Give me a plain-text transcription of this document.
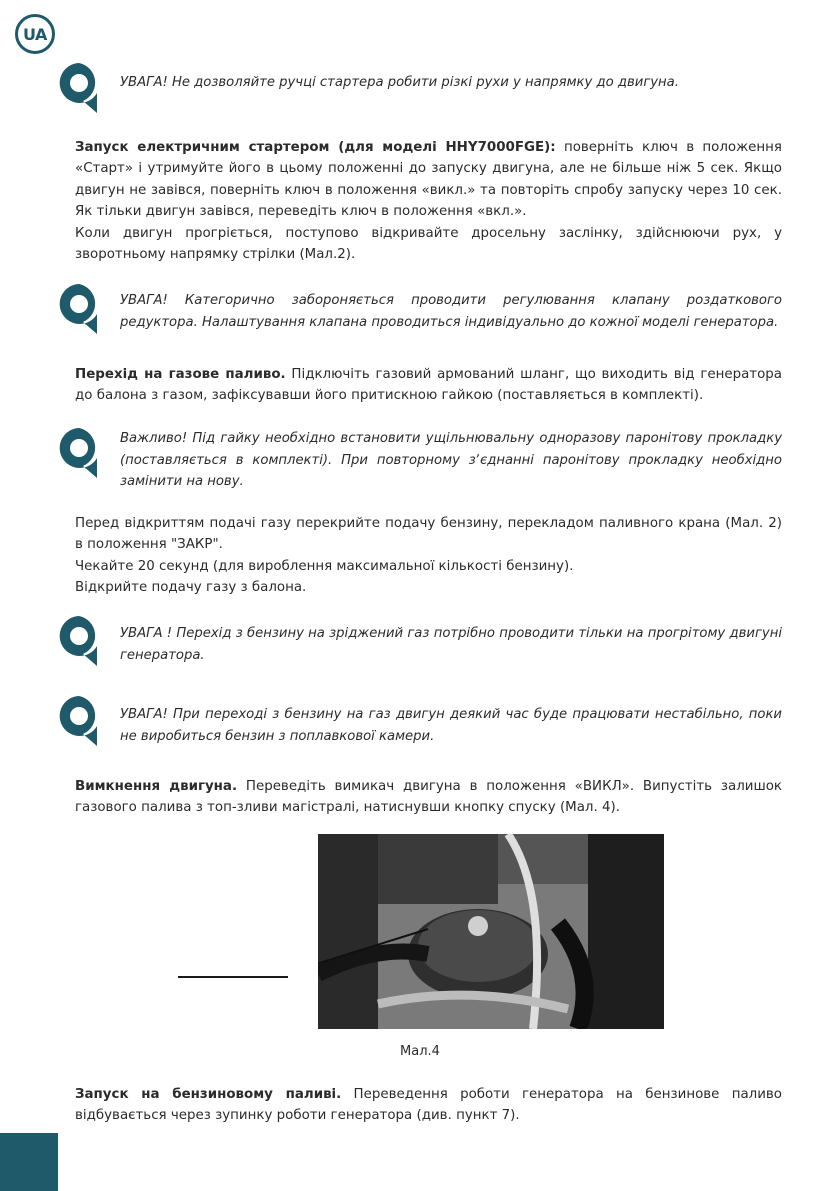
UA
УВАГА! Не дозволяйте ручці стартера робити різкі рухи у напрямку до двигуна.
Запуск електричним стартером (для моделі HHY7000FGE): поверніть ключ в положення «Старт» і утримуйте його в цьому положенні до запуску двигуна, але не більше ніж 5 сек. Якщо двигун не завівся, поверніть ключ в положення «викл.» та повторіть спробу запуску через 10 сек. Як тільки двигун завівся, переведіть ключ в положення «вкл.».
Коли двигун прогріється, поступово відкривайте дросельну заслінку, здійснюючи рух, у зворотньому напрямку стрілки (Мал.2).
УВАГА! Категорично забороняється проводити регулювання клапану роздаткового редуктора. Налаштування клапана проводиться індивідуально до кожної моделі генератора.
Перехід на газове паливо. Підключіть газовий армований шланг, що виходить від генератора до балона з газом, зафіксувавши його притискною гайкою (поставляється в комплекті).
Важливо! Під гайку необхідно встановити ущільнювальну одноразову паронітову прокладку (поставляється в комплекті). При повторному зʼєднанні паронітову прокладку необхідно замінити на нову.
Перед відкриттям подачі газу перекрийте подачу бензину, перекладом паливного крана (Мал. 2) в положення "ЗАКР".
Чекайте 20 секунд (для вироблення максимальної кількості бензину).
Відкрийте подачу газу з балона.
УВАГА ! Перехід з бензину на зріджений газ потрібно проводити тільки на прогрітому двигуні генератора.
УВАГА! При переході з бензину на газ двигун деякий час буде працювати нестабільно, поки не виробиться бензин з поплавкової камери.
Вимкнення двигуна. Переведіть вимикач двигуна в положення «ВИКЛ». Випустіть залишок газового палива з топ-зливи магістралі, натиснувши кнопку спуску (Мал. 4).
Мал.4
Запуск на бензиновому паливі. Переведення роботи генератора на бензинове паливо відбувається через зупинку роботи генератора (див. пункт 7).
